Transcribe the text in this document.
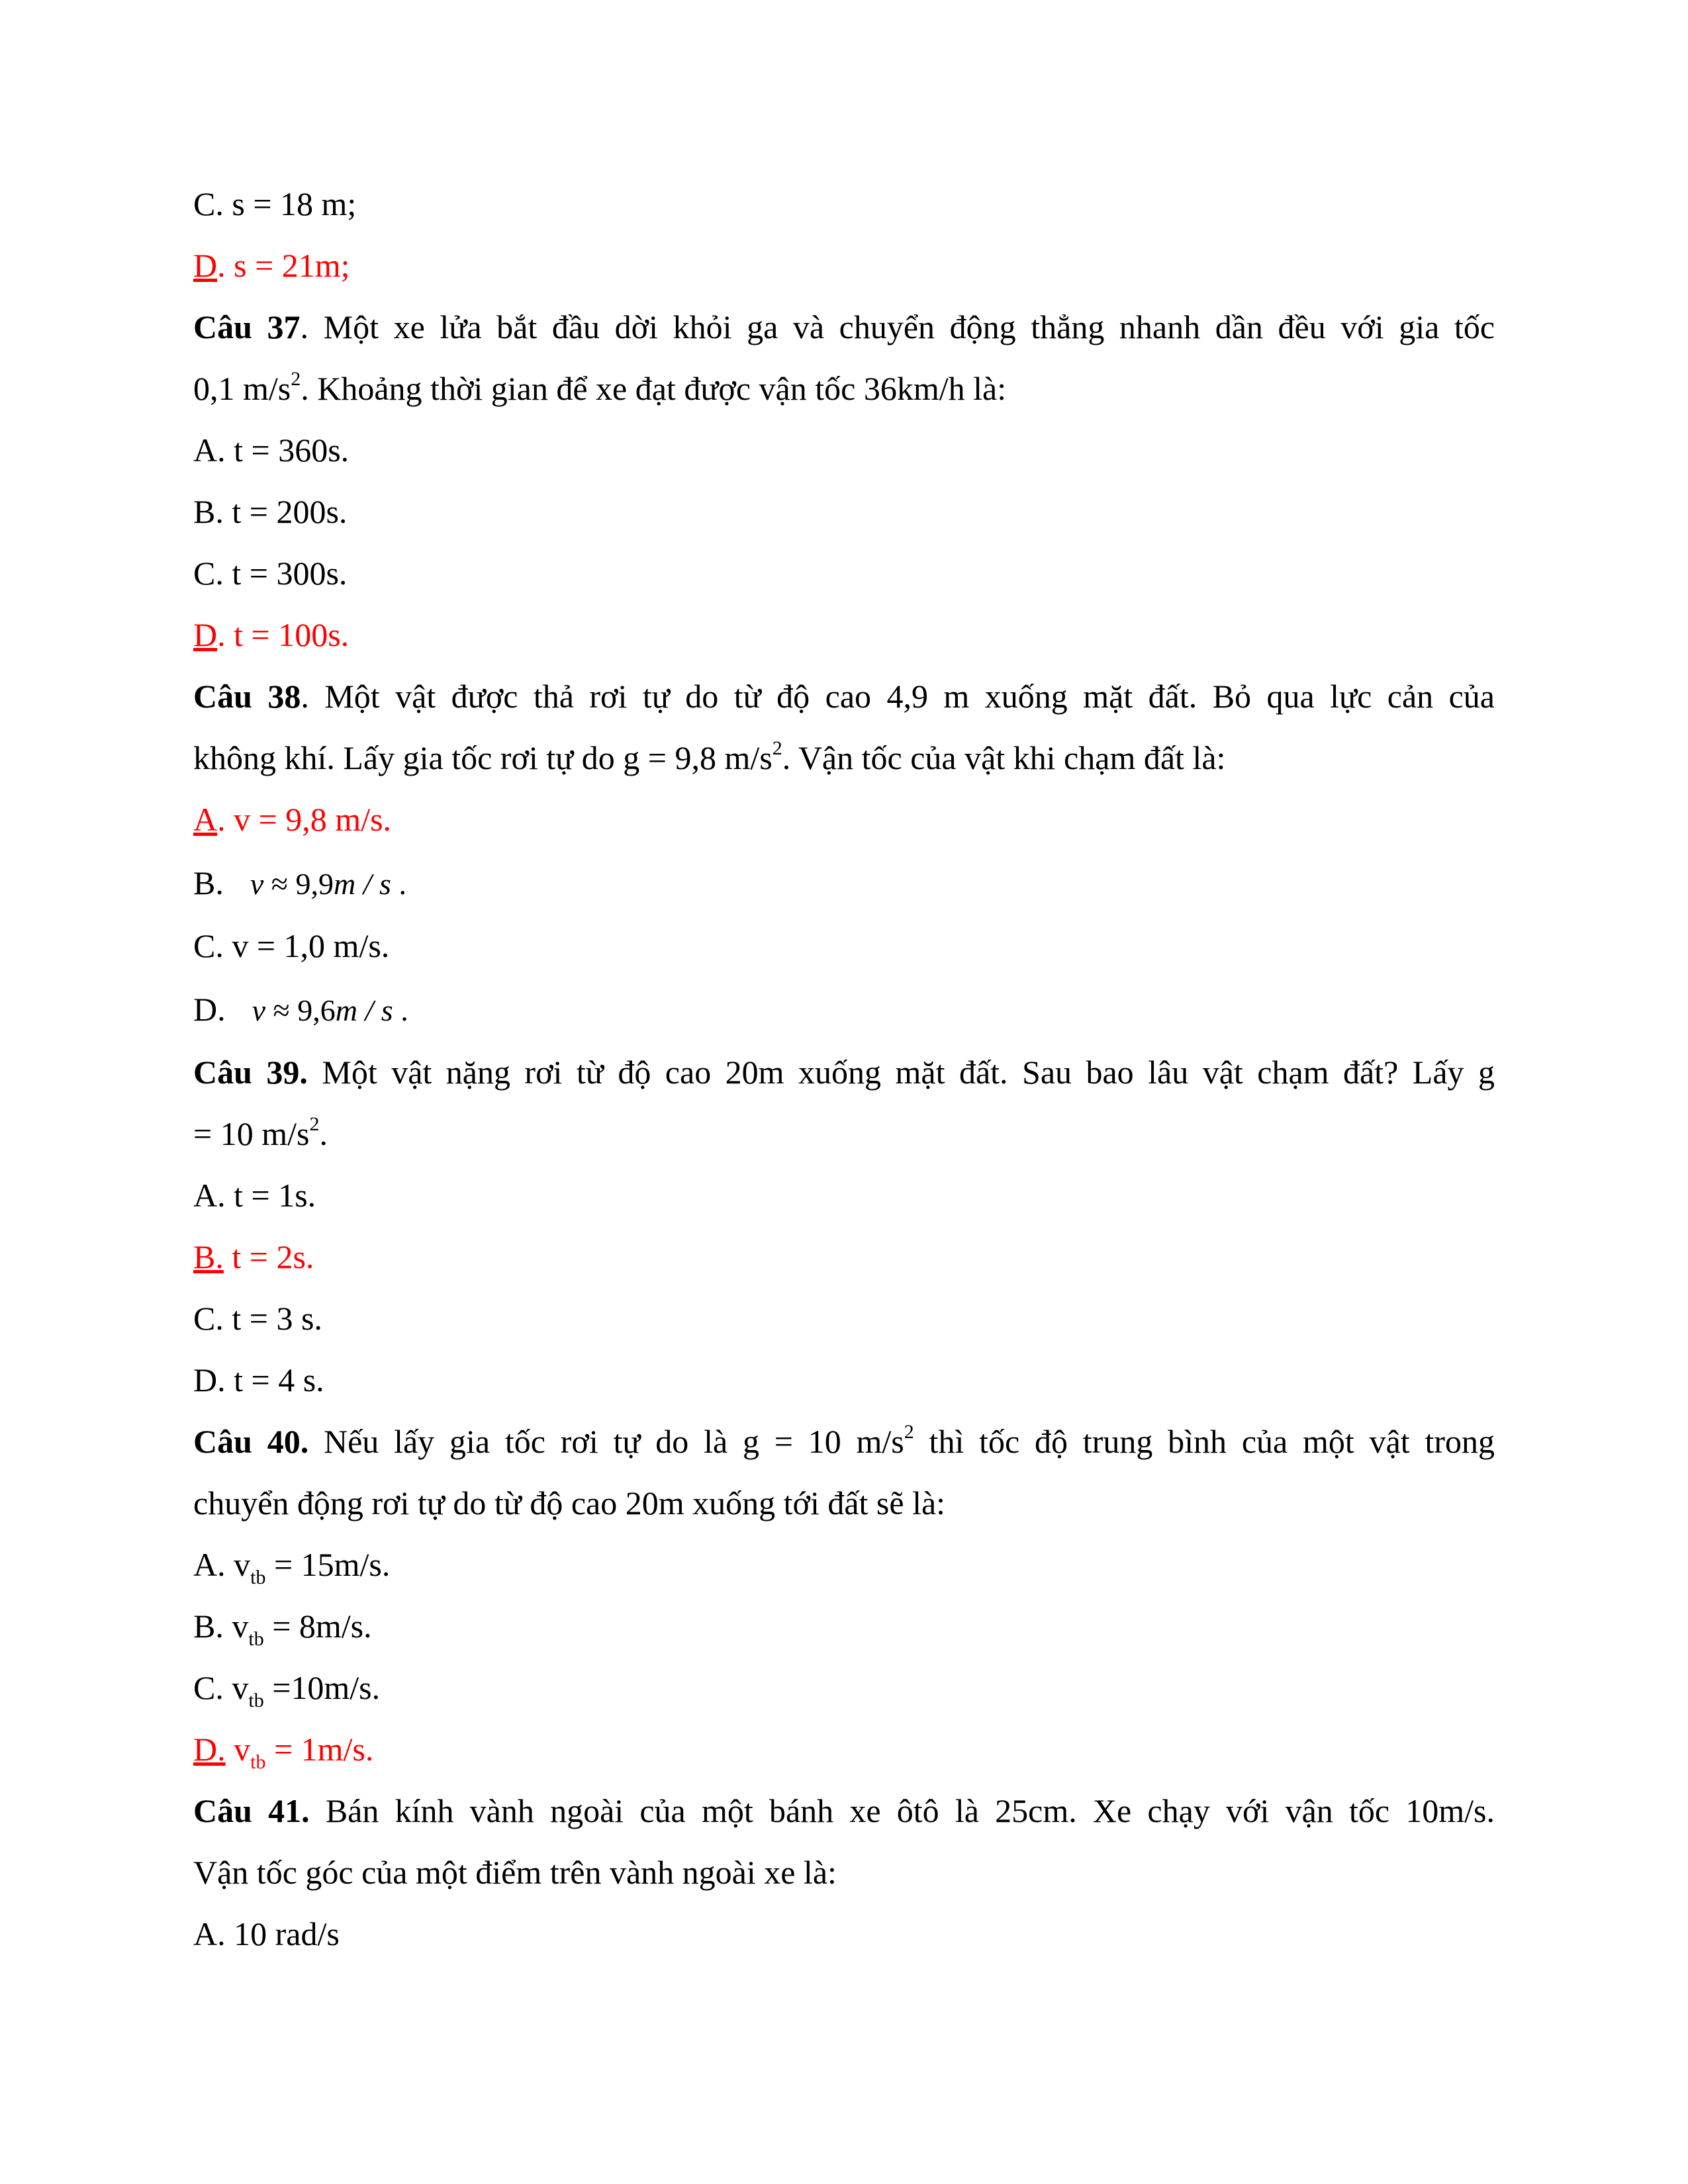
C. s = 18 m;
D. s = 21m;
Câu 37. Một xe lửa bắt đầu dời khỏi ga và chuyển động thẳng nhanh dần đều với gia tốc
0,1 $m/s^2$. Khoảng thời gian để xe đạt được vận tốc 36km/h là:
A. t = 360s.
B. t = 200s.
C. t = 300s.
D. t = 100s.
Câu 38. Một vật được thả rơi tự do từ độ cao 4,9 m xuống mặt đất. Bỏ qua lực cản của
không khí. Lấy gia tốc rơi tự do g = 9,8 $m/s^2$. Vận tốc của vật khi chạm đất là:
A. v = 9,8 m/s.
B. v ≈ 9,9m / s .
C. v = 1,0 m/s.
D. v ≈ 9,6m / s .
Câu 39. Một vật nặng rơi từ độ cao 20m xuống mặt đất. Sau bao lâu vật chạm đất? Lấy g
= 10 $m/s^2$.
A. t = 1s.
B. t = 2s.
C. t = 3 s.
D. t = 4 s.
Câu 40. Nếu lấy gia tốc rơi tự do là g = 10 $m/s^2$ thì tốc độ trung bình của một vật trong
chuyển động rơi tự do từ độ cao 20m xuống tới đất sẽ là:
A. $v_{tb} = 15m/s$.
B. $v_{tb} = 8m/s$.
C. $v_{tb} =10m/s$.
D. $v_{tb} = 1m/s$.
Câu 41. Bán kính vành ngoài của một bánh xe ôtô là 25cm. Xe chạy với vận tốc 10m/s.
Vận tốc góc của một điểm trên vành ngoài xe là:
A. 10 rad/s
